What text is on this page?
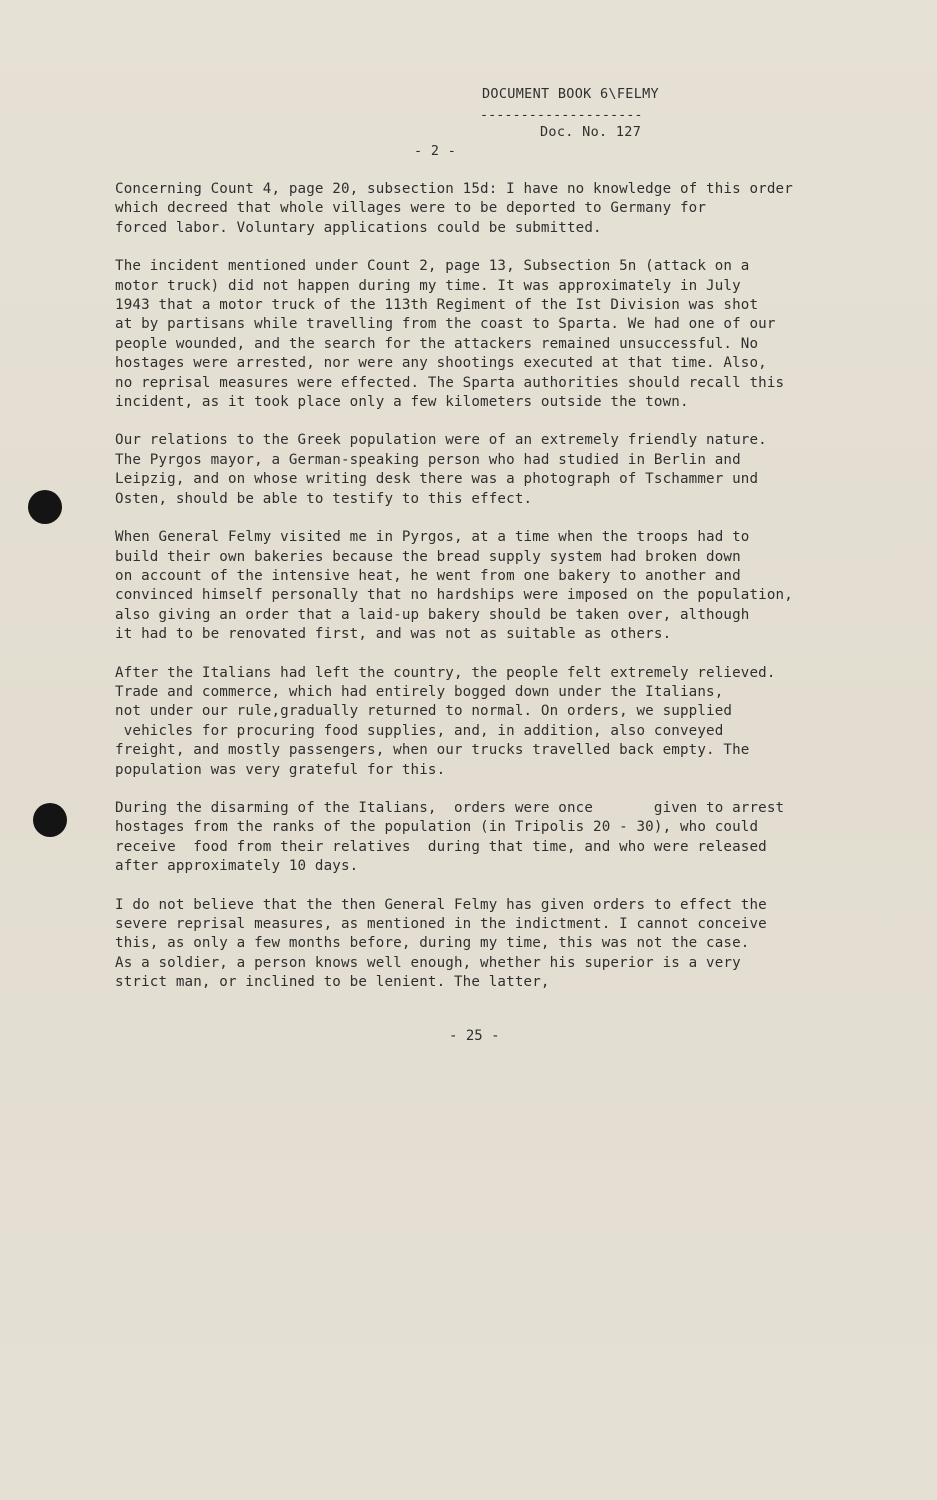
DOCUMENT BOOK 6\FELMY
--------------------
Doc. No. 127
- 2 -
Concerning Count 4, page 20, subsection 15d: I have no knowledge of this order
which decreed that whole villages were to be deported to Germany for
forced labor. Voluntary applications could be submitted.
The incident mentioned under Count 2, page 13, Subsection 5n (attack on a
motor truck) did not happen during my time. It was approximately in July
1943 that a motor truck of the 113th Regiment of the Ist Division was shot
at by partisans while travelling from the coast to Sparta. We had one of our
people wounded, and the search for the attackers remained unsuccessful. No
hostages were arrested, nor were any shootings executed at that time. Also,
no reprisal measures were effected. The Sparta authorities should recall this
incident, as it took place only a few kilometers outside the town.
Our relations to the Greek population were of an extremely friendly nature.
The Pyrgos mayor, a German-speaking person who had studied in Berlin and
Leipzig, and on whose writing desk there was a photograph of Tschammer und
Osten, should be able to testify to this effect.
When General Felmy visited me in Pyrgos, at a time when the troops had to
build their own bakeries because the bread supply system had broken down
on account of the intensive heat, he went from one bakery to another and
convinced himself personally that no hardships were imposed on the population,
also giving an order that a laid-up bakery should be taken over, although
it had to be renovated first, and was not as suitable as others.
After the Italians had left the country, the people felt extremely relieved.
Trade and commerce, which had entirely bogged down under the Italians,
not under our rule,gradually returned to normal. On orders, we supplied
vehicles for procuring food supplies, and, in addition, also conveyed
freight, and mostly passengers, when our trucks travelled back empty. The
population was very grateful for this.
During the disarming of the Italians,  orders were once       given to arrest
hostages from the ranks of the population (in Tripolis 20 - 30), who could
receive  food from their relatives  during that time, and who were released
after approximately 10 days.
I do not believe that the then General Felmy has given orders to effect the
severe reprisal measures, as mentioned in the indictment. I cannot conceive
this, as only a few months before, during my time, this was not the case.
As a soldier, a person knows well enough, whether his superior is a very
strict man, or inclined to be lenient. The latter,
- 25 -
